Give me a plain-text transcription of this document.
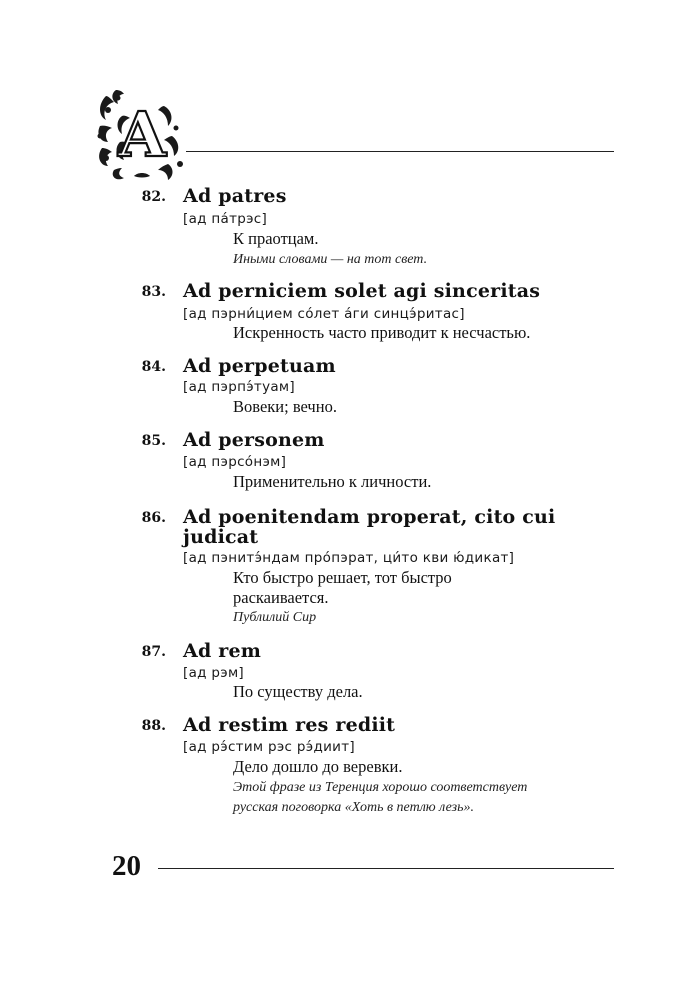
A
82. Ad patres
[ад па́трэс]
К праотцам.
Иными словами — на тот свет.
83. Ad perniciem solet agi sinceritas
[ад пэрни́цием со́лет а́ги синцэ́ритас]
Искренность часто приводит к несчастью.
84. Ad perpetuam
[ад пэрпэ́туам]
Вовеки; вечно.
85. Ad personem
[ад пэрсо́нэм]
Применительно к личности.
86. Ad poenitendam properat, cito cui
judicat
[ад пэнитэ́ндам про́пэрат, ци́то кви ю́дикат]
Кто быстро решает, тот быстро
раскаивается.
Публилий Сир
87. Ad rem
[ад рэм]
По существу дела.
88. Ad restim res rediit
[ад рэ́стим рэс рэ́диит]
Дело дошло до веревки.
Этой фразе из Теренция хорошо соответствует
русская поговорка «Хоть в петлю лезь».
20
